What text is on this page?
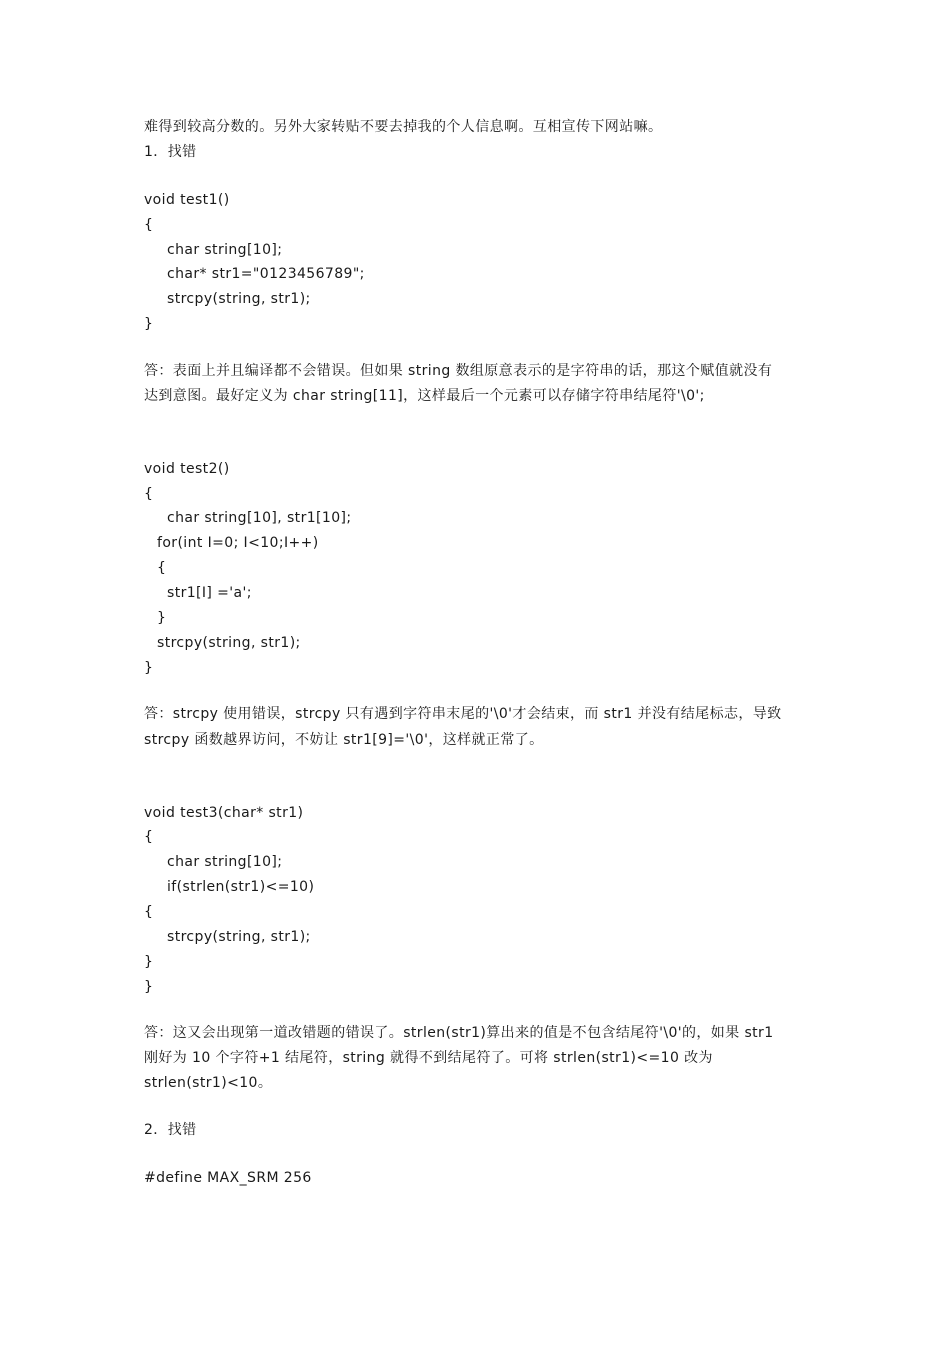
难得到较高分数的。另外大家转贴不要去掉我的个人信息啊。互相宣传下网站嘛。
1．找错
void test1()
{
char string[10];
char* str1="0123456789";
strcpy(string, str1);
}
答：表面上并且编译都不会错误。但如果 string 数组原意表示的是字符串的话，那这个赋值就没有
达到意图。最好定义为 char string[11]，这样最后一个元素可以存储字符串结尾符'\0';
void test2()
{
char string[10], str1[10];
for(int I=0; I<10;I++)
{
str1[I] ='a';
}
strcpy(string, str1);
}
答：strcpy 使用错误，strcpy 只有遇到字符串末尾的'\0'才会结束，而 str1 并没有结尾标志，导致
strcpy 函数越界访问，不妨让 str1[9]='\0'，这样就正常了。
void test3(char* str1)
{
char string[10];
if(strlen(str1)<=10)
{
strcpy(string, str1);
}
}
答：这又会出现第一道改错题的错误了。strlen(str1)算出来的值是不包含结尾符'\0'的，如果 str1
刚好为 10 个字符+1 结尾符，string 就得不到结尾符了。可将 strlen(str1)<=10 改为
strlen(str1)<10。
2．找错
#define MAX_SRM 256
